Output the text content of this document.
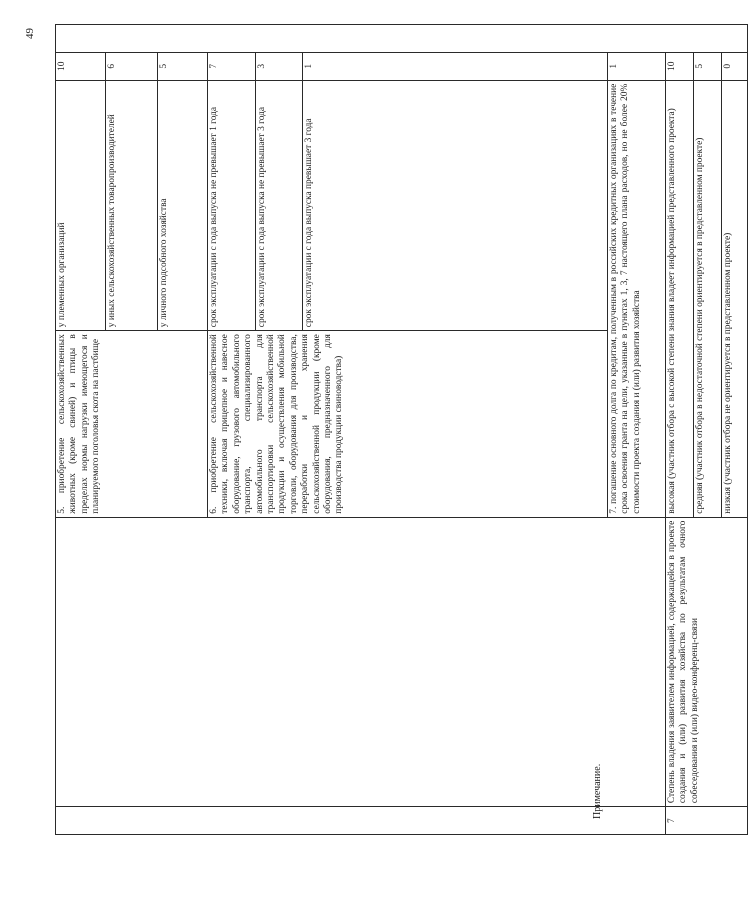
		5. приобретение сельскохозяйственных животных (кроме свиней) и птицы в пределах нормы нагрузки имеющегося и планируемого поголовья скота на пастбище	у племенных организаций	10	
			у иных сельскохозяйственных товаропроизводителей	6	
			у личного подсобного хозяйства	5	
		6. приобретение сельскохозяйственной техники, включая прицепное и навесное оборудование, грузового автомобильного транспорта, специализированного автомобильного транспорта для транспортировки сельскохозяйственной продукции и осуществления мобильной торговли, оборудования для производства, переработки и хранения сельскохозяйственной продукции (кроме оборудования, предназначенного для производства продукции свиноводства)	срок эксплуатации с года выпуска не превышает 1 года	7	
			срок эксплуатации с года выпуска не превышает 3 года	3	
			срок эксплуатации с года выпуска превышает 3 года	1	
		7. погашение основного долга по кредитам, полученным в российских кредитных организациях в течение срока освоения гранта на цели, указанные в пунктах 1, 3, 7 настоящего плана расходов, но не более 20% стоимости проекта создания и (или) развития хозяйства		1	
7	Степень владения заявителем информацией, содержащейся в проекте создания и (или) развития хозяйства по результатам очного собеседования и (или) видео-конференц-связи	высокая (участник отбора с высокой степени знания владеет информацией представленного проекта)		10	
		средняя (участник отбора в недостаточной степени ориентируется в представленном проекте)		5	
		низкая (участник отбора не ориентируется в представленном проекте)		0	
Примечание.
49
